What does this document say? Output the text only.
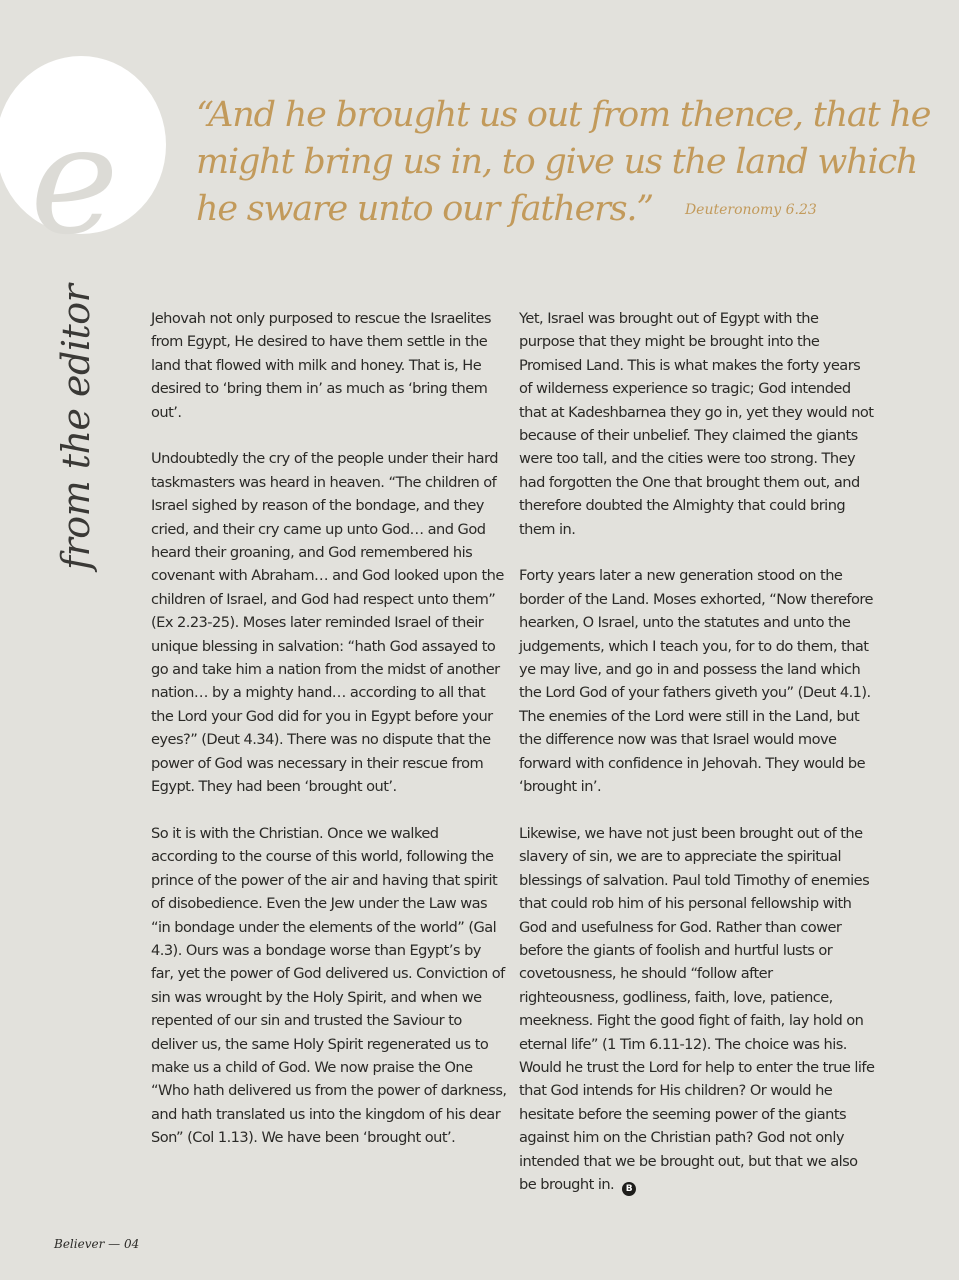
e “And he brought us out from thence, that he might bring us in, to give us the land which he sware unto our fathers.” Deuteronomy 6.23
from the editor	Jehovah not only purposed to rescue the Israelites from Egypt, He desired to have them settle in the land that flowed with milk and honey. That is, He desired to ‘bring them in’ as much as ‘bring them out’.

Undoubtedly the cry of the people under their hard taskmasters was heard in heaven. “The children of Israel sighed by reason of the bondage, and they cried, and their cry came up unto God… and God heard their groaning, and God remembered his covenant with Abraham… and God looked upon the children of Israel, and God had respect unto them” (Ex 2.23-25). Moses later reminded Israel of their unique blessing in salvation: “hath God assayed to go and take him a nation from the midst of another nation… by a mighty hand… according to all that the Lord your God did for you in Egypt before your eyes?” (Deut 4.34). There was no dispute that the power of God was necessary in their rescue from Egypt. They had been ‘brought out’.

So it is with the Christian. Once we walked according to the course of this world, following the prince of the power of the air and having that spirit of disobedience. Even the Jew under the Law was “in bondage under the elements of the world” (Gal 4.3). Ours was a bondage worse than Egypt’s by far, yet the power of God delivered us. Conviction of sin was wrought by the Holy Spirit, and when we repented of our sin and trusted the Saviour to deliver us, the same Holy Spirit regenerated us to make us a child of God. We now praise the One “Who hath delivered us from the power of darkness, and hath translated us into the kingdom of his dear Son” (Col 1.13). We have been ‘brought out’.

Yet, Israel was brought out of Egypt with the purpose that they might be brought into the Promised Land. This is what makes the forty years of wilderness experience so tragic; God intended that at Kadeshbarnea they go in, yet they would not because of their unbelief. They claimed the giants were too tall, and the cities were too strong. They had forgotten the One that brought them out, and therefore doubted the Almighty that could bring them in.

Forty years later a new generation stood on the border of the Land. Moses exhorted, “Now therefore hearken, O Israel, unto the statutes and unto the judgements, which I teach you, for to do them, that ye may live, and go in and possess the land which the Lord God of your fathers giveth you” (Deut 4.1). The enemies of the Lord were still in the Land, but the difference now was that Israel would move forward with confidence in Jehovah. They would be ‘brought in’.

Likewise, we have not just been brought out of the slavery of sin, we are to appreciate the spiritual blessings of salvation. Paul told Timothy of enemies that could rob him of his personal fellowship with God and usefulness for God. Rather than cower before the giants of foolish and hurtful lusts or covetousness, he should “follow after righteousness, godliness, faith, love, patience, meekness. Fight the good fight of faith, lay hold on eternal life” (1 Tim 6.11-12). The choice was his. Would he trust the Lord for help to enter the true life that God intends for His children? Or would he hesitate before the seeming power of the giants against him on the Christian path? God not only intended that we be brought out, but that we also be brought in. B

Believer — 04
